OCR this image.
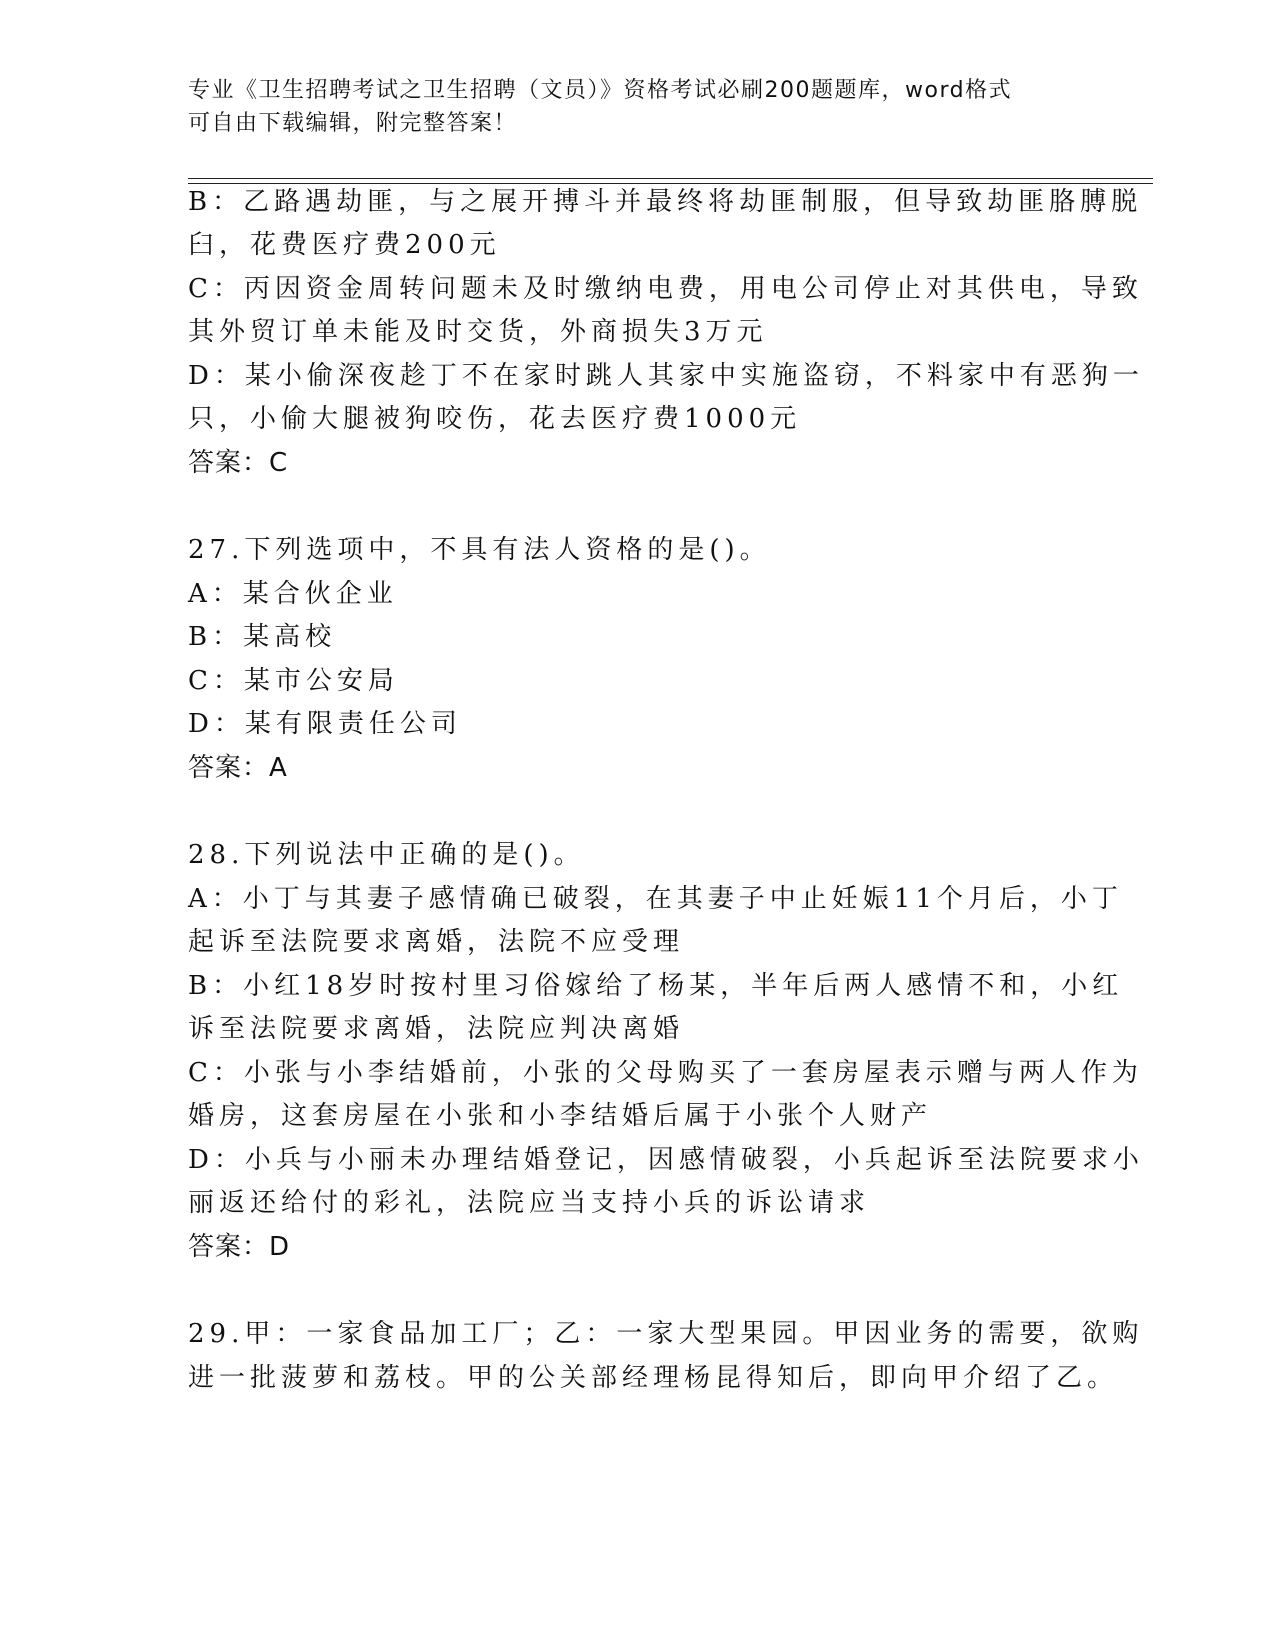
专业《卫生招聘考试之卫生招聘（文员）》资格考试必刷200题题库，word格式
可自由下载编辑，附完整答案！
B：乙路遇劫匪，与之展开搏斗并最终将劫匪制服，但导致劫匪胳膊脱
臼，花费医疗费200元
C：丙因资金周转问题未及时缴纳电费，用电公司停止对其供电，导致
其外贸订单未能及时交货，外商损失3万元
D：某小偷深夜趁丁不在家时跳人其家中实施盗窃，不料家中有恶狗一
只，小偷大腿被狗咬伤，花去医疗费1000元
答案：C
27.下列选项中，不具有法人资格的是()。
A：某合伙企业
B：某高校
C：某市公安局
D：某有限责任公司
答案：A
28.下列说法中正确的是()。
A：小丁与其妻子感情确已破裂，在其妻子中止妊娠11个月后，小丁
起诉至法院要求离婚，法院不应受理
B：小红18岁时按村里习俗嫁给了杨某，半年后两人感情不和，小红
诉至法院要求离婚，法院应判决离婚
C：小张与小李结婚前，小张的父母购买了一套房屋表示赠与两人作为
婚房，这套房屋在小张和小李结婚后属于小张个人财产
D：小兵与小丽未办理结婚登记，因感情破裂，小兵起诉至法院要求小
丽返还给付的彩礼，法院应当支持小兵的诉讼请求
答案：D
29.甲：一家食品加工厂；乙：一家大型果园。甲因业务的需要，欲购
进一批菠萝和荔枝。甲的公关部经理杨昆得知后，即向甲介绍了乙。
